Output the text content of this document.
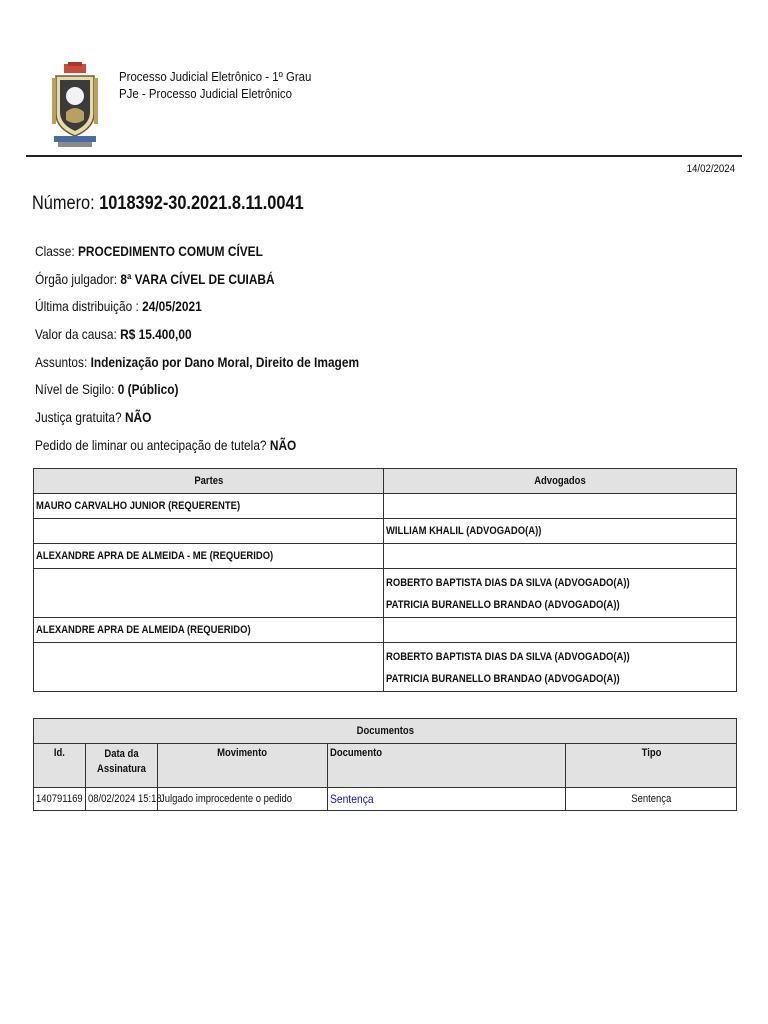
Processo Judicial Eletrônico - 1º Grau
PJe - Processo Judicial Eletrônico
14/02/2024
Número: 1018392-30.2021.8.11.0041
Classe: PROCEDIMENTO COMUM CÍVEL
Órgão julgador: 8ª VARA CÍVEL DE CUIABÁ
Última distribuição : 24/05/2021
Valor da causa: R$ 15.400,00
Assuntos: Indenização por Dano Moral, Direito de Imagem
Nível de Sigilo: 0 (Público)
Justiça gratuita? NÃO
Pedido de liminar ou antecipação de tutela? NÃO
Partes	Advogados
MAURO CARVALHO JUNIOR (REQUERENTE)	
	WILLIAM KHALIL (ADVOGADO(A))
ALEXANDRE APRA DE ALMEIDA - ME (REQUERIDO)	

	ROBERTO BAPTISTA DIAS DA SILVA (ADVOGADO(A))
PATRICIA BURANELLO BRANDAO (ADVOGADO(A))

ALEXANDRE APRA DE ALMEIDA (REQUERIDO)	

	ROBERTO BAPTISTA DIAS DA SILVA (ADVOGADO(A))
PATRICIA BURANELLO BRANDAO (ADVOGADO(A))
Documentos				
Id.	Data da Assinatura	Movimento	Documento	Tipo
140791169	08/02/2024 15:18	Julgado improcedente o pedido	Sentença	Sentença
